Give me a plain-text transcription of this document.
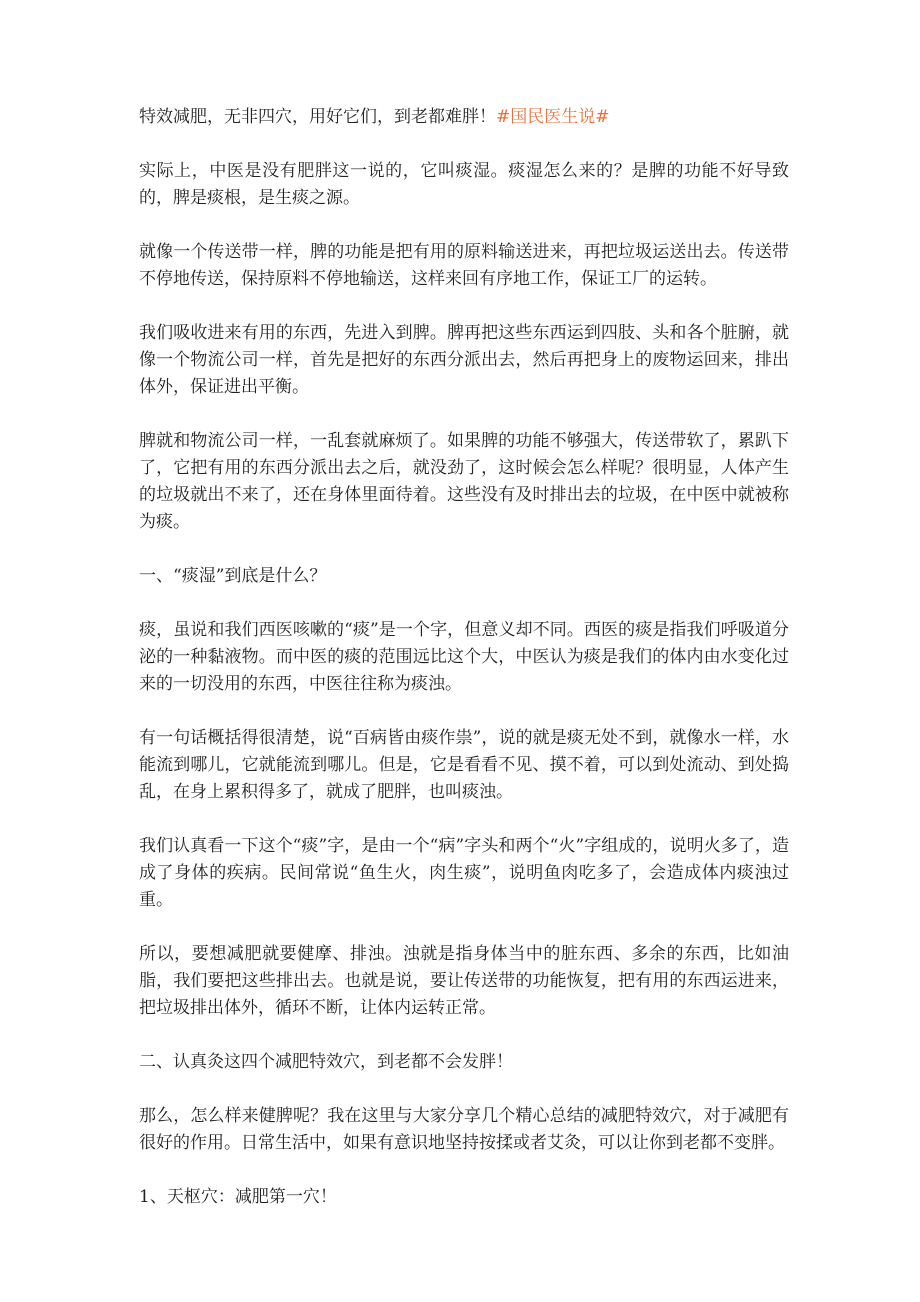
特效减肥，无非四穴，用好它们，到老都难胖！#国民医生说#

实际上，中医是没有肥胖这一说的，它叫痰湿。痰湿怎么来的？是脾的功能不好导致的，脾是痰根，是生痰之源。

就像一个传送带一样，脾的功能是把有用的原料输送进来，再把垃圾运送出去。传送带不停地传送，保持原料不停地输送，这样来回有序地工作，保证工厂的运转。

我们吸收进来有用的东西，先进入到脾。脾再把这些东西运到四肢、头和各个脏腑，就像一个物流公司一样，首先是把好的东西分派出去，然后再把身上的废物运回来，排出体外，保证进出平衡。

脾就和物流公司一样，一乱套就麻烦了。如果脾的功能不够强大，传送带软了，累趴下了，它把有用的东西分派出去之后，就没劲了，这时候会怎么样呢？很明显，人体产生的垃圾就出不来了，还在身体里面待着。这些没有及时排出去的垃圾，在中医中就被称为痰。

一、“痰湿”到底是什么？

痰，虽说和我们西医咳嗽的“痰”是一个字，但意义却不同。西医的痰是指我们呼吸道分泌的一种黏液物。而中医的痰的范围远比这个大，中医认为痰是我们的体内由水变化过来的一切没用的东西，中医往往称为痰浊。

有一句话概括得很清楚，说“百病皆由痰作祟”，说的就是痰无处不到，就像水一样，水能流到哪儿，它就能流到哪儿。但是，它是看看不见、摸不着，可以到处流动、到处捣乱，在身上累积得多了，就成了肥胖，也叫痰浊。

我们认真看一下这个“痰”字，是由一个“病”字头和两个“火”字组成的，说明火多了，造成了身体的疾病。民间常说“鱼生火，肉生痰”，说明鱼肉吃多了，会造成体内痰浊过重。

所以，要想减肥就要健摩、排浊。浊就是指身体当中的脏东西、多余的东西，比如油脂，我们要把这些排出去。也就是说，要让传送带的功能恢复，把有用的东西运进来，把垃圾排出体外，循环不断，让体内运转正常。

二、认真灸这四个减肥特效穴，到老都不会发胖！

那么，怎么样来健脾呢？我在这里与大家分享几个精心总结的减肥特效穴，对于减肥有很好的作用。日常生活中，如果有意识地坚持按揉或者艾灸，可以让你到老都不变胖。

1、天枢穴：减肥第一穴！
